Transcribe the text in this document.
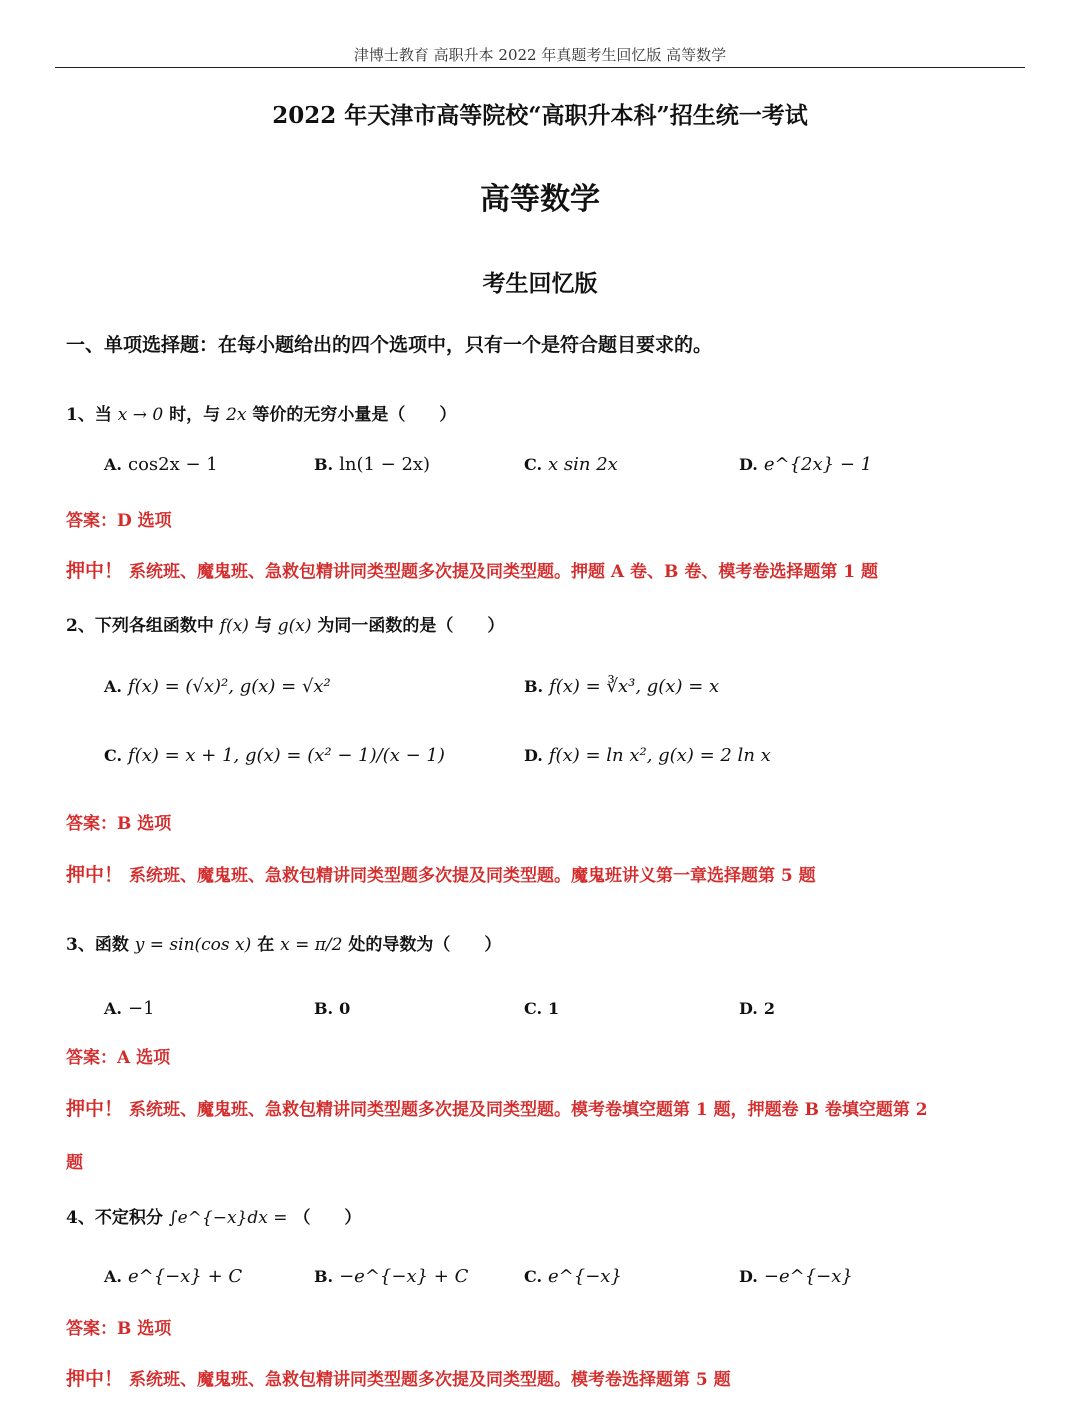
津博士教育 高职升本 2022 年真题考生回忆版 高等数学
2022 年天津市高等院校“高职升本科”招生统一考试
高等数学
考生回忆版
一、单项选择题：在每小题给出的四个选项中，只有一个是符合题目要求的。
1、当 x → 0 时，与 2x 等价的无穷小量是（　　）
A. cos2x − 1	B. ln(1 − 2x)	C. x sin 2x	D. e^{2x} − 1
答案：D 选项
押中！ 系统班、魔鬼班、急救包精讲同类型题多次提及同类型题。押题 A 卷、B 卷、模考卷选择题第 1 题
2、下列各组函数中 f(x) 与 g(x) 为同一函数的是（　　）
A. f(x) = (√x)², g(x) = √x²	B. f(x) = ∛x³, g(x) = x
C. f(x) = x + 1, g(x) = (x² − 1)/(x − 1)	D. f(x) = ln x², g(x) = 2 ln x
答案：B 选项
押中！ 系统班、魔鬼班、急救包精讲同类型题多次提及同类型题。魔鬼班讲义第一章选择题第 5 题
3、函数 y = sin(cos x) 在 x = π/2 处的导数为（　　）
A. −1	B. 0	C. 1	D. 2
答案：A 选项
押中！ 系统班、魔鬼班、急救包精讲同类型题多次提及同类型题。模考卷填空题第 1 题，押题卷 B 卷填空题第 2
题
4、不定积分 ∫e^{−x}dx = （　　）
A. e^{−x} + C	B. −e^{−x} + C	C. e^{−x}	D. −e^{−x}
答案：B 选项
押中！ 系统班、魔鬼班、急救包精讲同类型题多次提及同类型题。模考卷选择题第 5 题
